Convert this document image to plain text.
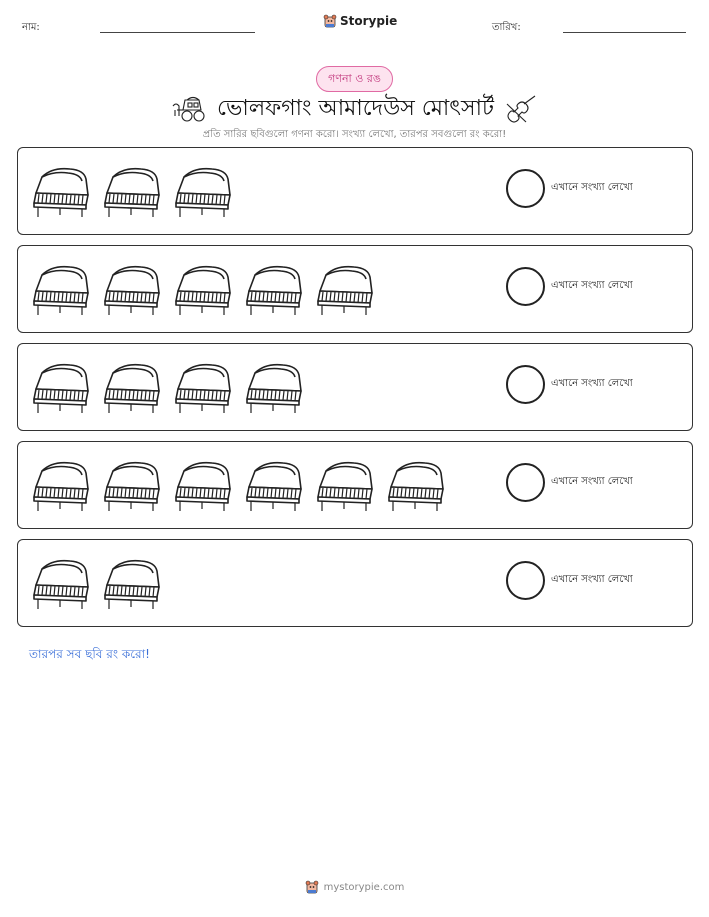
নাম:	Storypie	তারিখ:
গণনা ও রঙ
ভোলফগাং আমাদেউস মোৎসার্ট
প্রতি সারির ছবিগুলো গণনা করো। সংখ্যা লেখো, তারপর সবগুলো রং করো!
এখানে সংখ্যা লেখো
এখানে সংখ্যা লেখো
এখানে সংখ্যা লেখো
এখানে সংখ্যা লেখো
এখানে সংখ্যা লেখো
তারপর সব ছবি রং করো!
mystorypie.com
